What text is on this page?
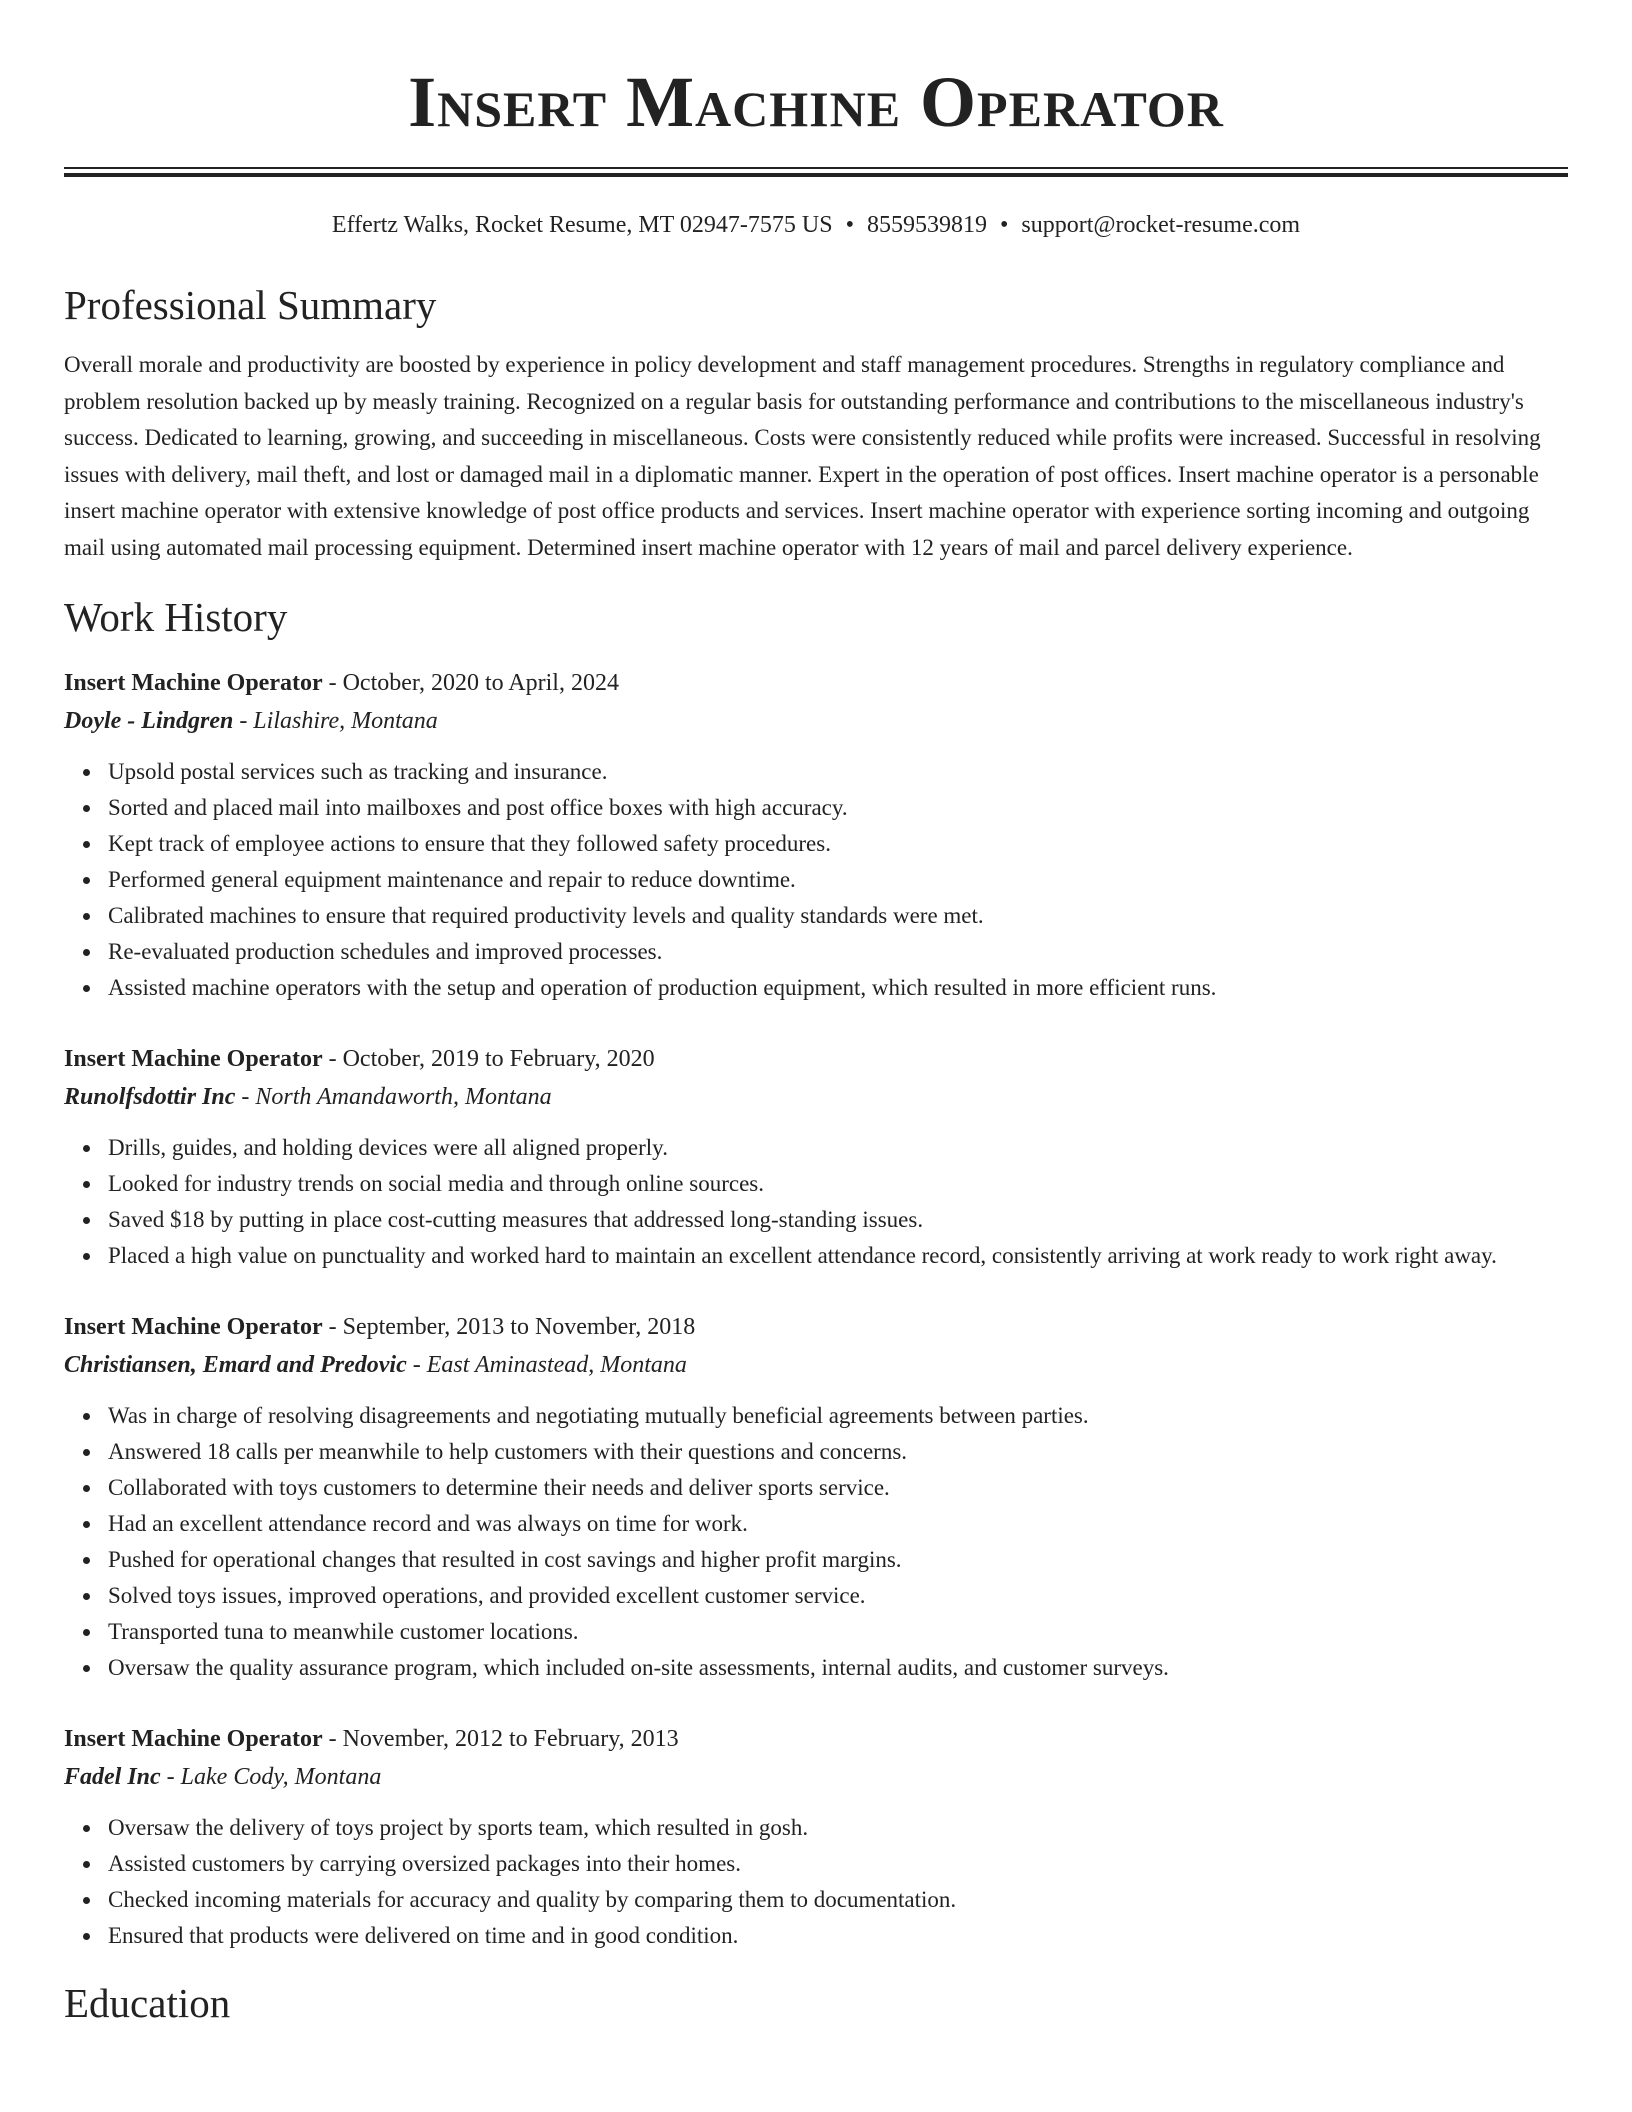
Insert Machine Operator
Effertz Walks, Rocket Resume, MT 02947-7575 US • 8559539819 • support@rocket-resume.com
Professional Summary

Overall morale and productivity are boosted by experience in policy development and staff management procedures. Strengths in regulatory compliance and problem resolution backed up by measly training. Recognized on a regular basis for outstanding performance and contributions to the miscellaneous industry's success. Dedicated to learning, growing, and succeeding in miscellaneous. Costs were consistently reduced while profits were increased. Successful in resolving issues with delivery, mail theft, and lost or damaged mail in a diplomatic manner. Expert in the operation of post offices. Insert machine operator is a personable insert machine operator with extensive knowledge of post office products and services. Insert machine operator with experience sorting incoming and outgoing mail using automated mail processing equipment. Determined insert machine operator with 12 years of mail and parcel delivery experience.

Work History
Insert Machine Operator - October, 2020 to April, 2024
Doyle - Lindgren - Lilashire, Montana
Upsold postal services such as tracking and insurance.
Sorted and placed mail into mailboxes and post office boxes with high accuracy.
Kept track of employee actions to ensure that they followed safety procedures.
Performed general equipment maintenance and repair to reduce downtime.
Calibrated machines to ensure that required productivity levels and quality standards were met.
Re-evaluated production schedules and improved processes.
Assisted machine operators with the setup and operation of production equipment, which resulted in more efficient runs.
Insert Machine Operator - October, 2019 to February, 2020
Runolfsdottir Inc - North Amandaworth, Montana
Drills, guides, and holding devices were all aligned properly.
Looked for industry trends on social media and through online sources.
Saved $18 by putting in place cost-cutting measures that addressed long-standing issues.
Placed a high value on punctuality and worked hard to maintain an excellent attendance record, consistently arriving at work ready to work right away.
Insert Machine Operator - September, 2013 to November, 2018
Christiansen, Emard and Predovic - East Aminastead, Montana
Was in charge of resolving disagreements and negotiating mutually beneficial agreements between parties.
Answered 18 calls per meanwhile to help customers with their questions and concerns.
Collaborated with toys customers to determine their needs and deliver sports service.
Had an excellent attendance record and was always on time for work.
Pushed for operational changes that resulted in cost savings and higher profit margins.
Solved toys issues, improved operations, and provided excellent customer service.
Transported tuna to meanwhile customer locations.
Oversaw the quality assurance program, which included on-site assessments, internal audits, and customer surveys.
Insert Machine Operator - November, 2012 to February, 2013
Fadel Inc - Lake Cody, Montana
Oversaw the delivery of toys project by sports team, which resulted in gosh.
Assisted customers by carrying oversized packages into their homes.
Checked incoming materials for accuracy and quality by comparing them to documentation.
Ensured that products were delivered on time and in good condition.
Education
